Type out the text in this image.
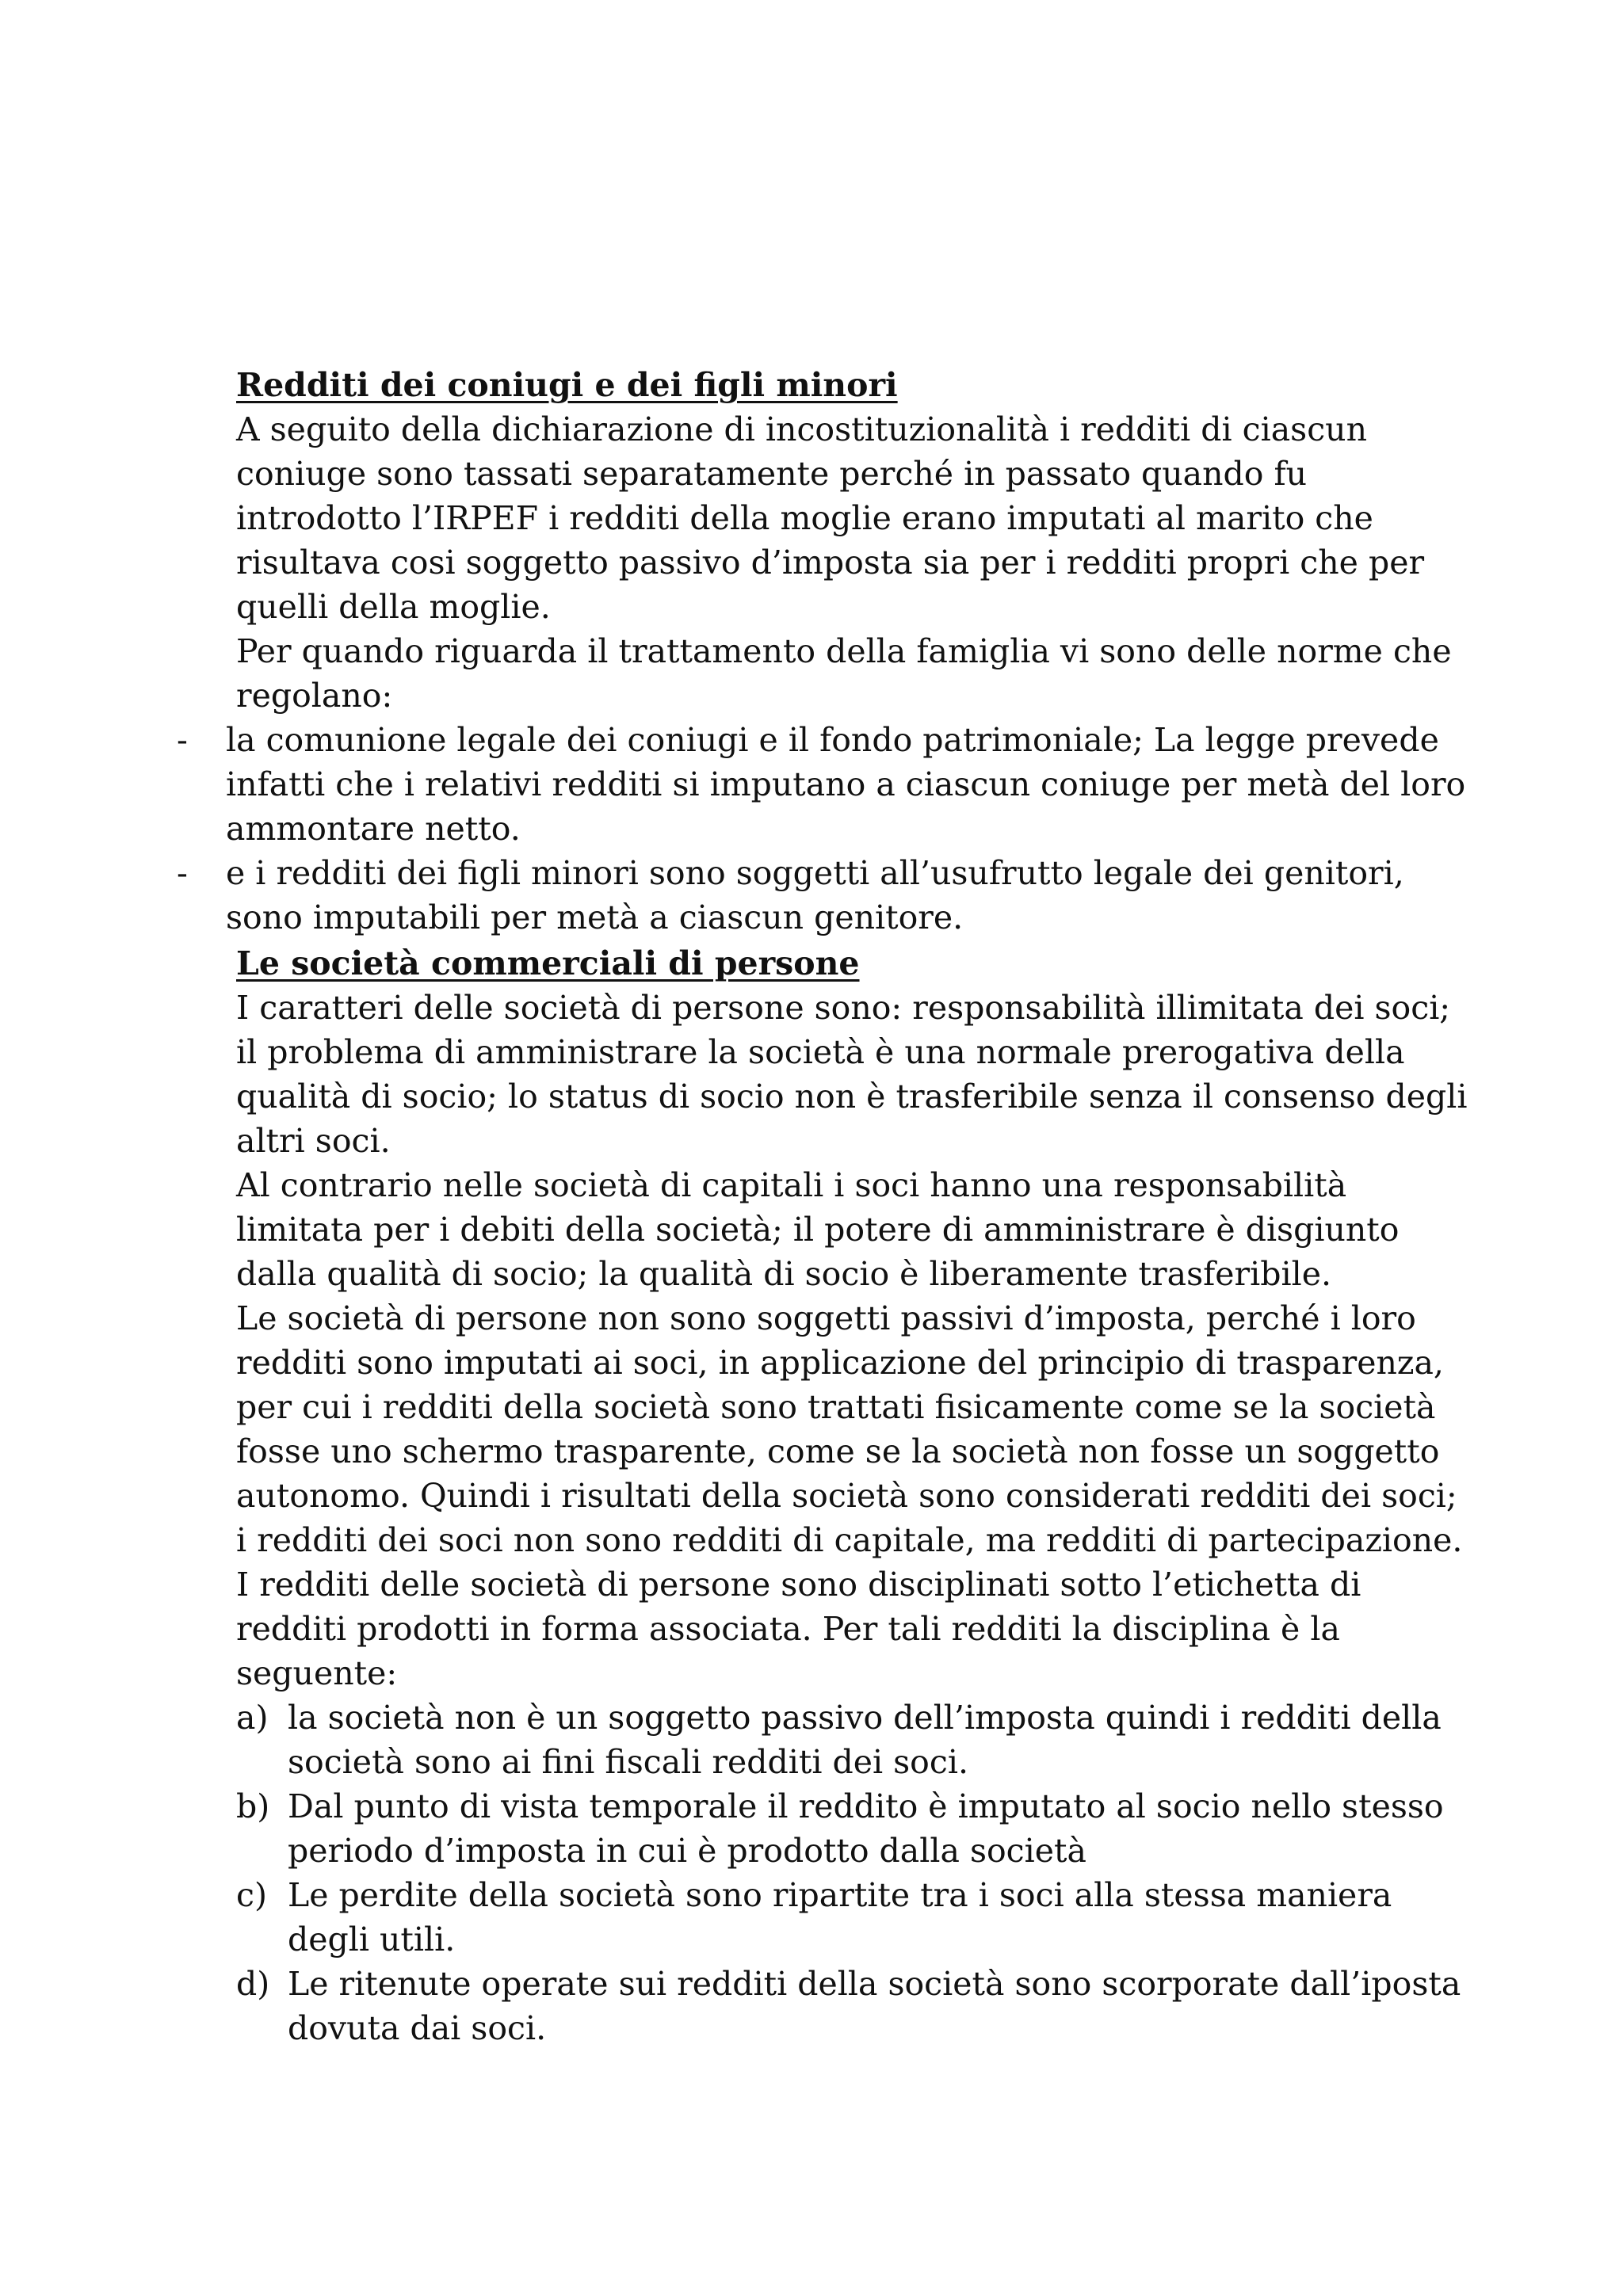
Redditi dei coniugi e dei figli minori

A seguito della dichiarazione di incostituzionalità i redditi di ciascun coniuge sono tassati separatamente perché in passato quando fu introdotto l’IRPEF i redditi della moglie erano imputati al marito che risultava cosi soggetto passivo d’imposta sia per i redditi propri che per quelli della moglie.

Per quando riguarda il trattamento della famiglia vi sono delle norme che regolano:

- la comunione legale dei coniugi e il fondo patrimoniale; La legge prevede infatti che i relativi redditi si imputano a ciascun coniuge per metà del loro ammontare netto.
- e i redditi dei figli minori sono soggetti all’usufrutto legale dei genitori, sono imputabili per metà a ciascun genitore.
Le società commerciali di persone

I caratteri delle società di persone sono: responsabilità illimitata dei soci; il problema di amministrare la società è una normale prerogativa della qualità di socio; lo status di socio non è trasferibile senza il consenso degli altri soci.

Al contrario nelle società di capitali i soci hanno una responsabilità limitata per i debiti della società; il potere di amministrare è disgiunto dalla qualità di socio; la qualità di socio è liberamente trasferibile.

Le società di persone non sono soggetti passivi d’imposta, perché i loro redditi sono imputati ai soci, in applicazione del principio di trasparenza, per cui i redditi della società sono trattati fisicamente come se la società fosse uno schermo trasparente, come se la società non fosse un soggetto autonomo. Quindi i risultati della società sono considerati redditi dei soci; i redditi dei soci non sono redditi di capitale, ma redditi di partecipazione.

I redditi delle società di persone sono disciplinati sotto l’etichetta di redditi prodotti in forma associata. Per tali redditi la disciplina è la seguente:

a) la società non è un soggetto passivo dell’imposta quindi i redditi della società sono ai fini fiscali redditi dei soci.
b) Dal punto di vista temporale il reddito è imputato al socio nello stesso periodo d’imposta in cui è prodotto dalla società
c) Le perdite della società sono ripartite tra i soci alla stessa maniera degli utili.
d) Le ritenute operate sui redditi della società sono scorporate dall’iposta dovuta dai soci.
